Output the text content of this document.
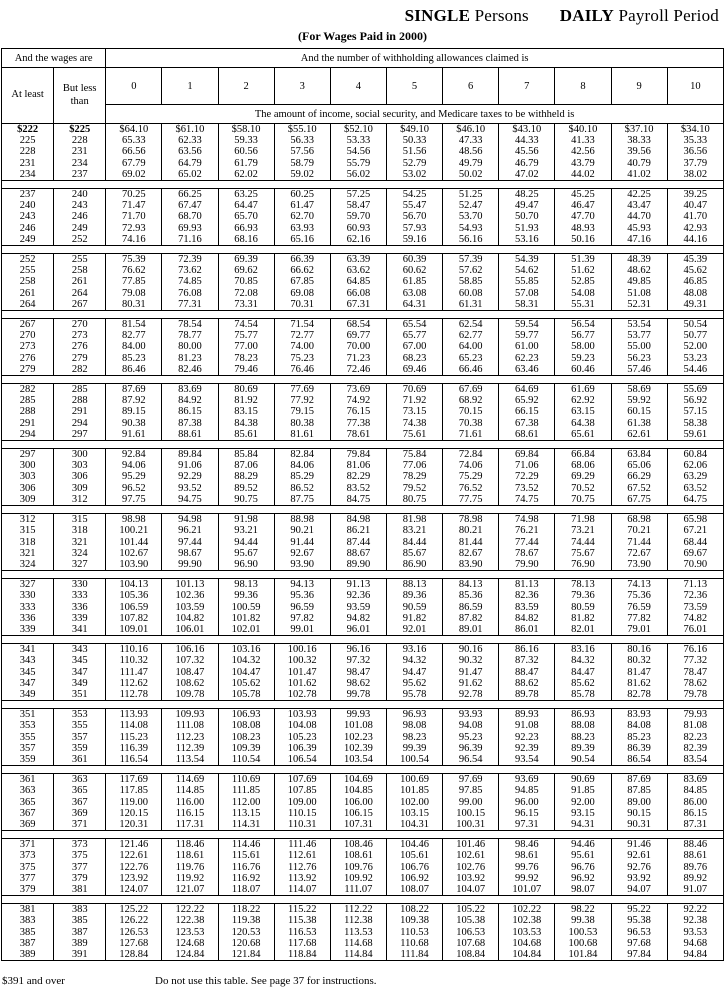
SINGLE Persons DAILY Payroll Period
(For Wages Paid in 2000)
And the wages are		And the number of withholding allowances claimed is										
At least	But less
than	0	1	2	3	4	5	6	7	8	9	10
		The amount of income, social security, and Medicare taxes to be withheld is										
$222	$225	$64.10	$61.10	$58.10	$55.10	$52.10	$49.10	$46.10	$43.10	$40.10	$37.10	$34.10
225	228	65.33	62.33	59.33	56.33	53.33	50.33	47.33	44.33	41.33	38.33	35.33
228	231	66.56	63.56	60.56	57.56	54.56	51.56	48.56	45.56	42.56	39.56	36.56
231	234	67.79	64.79	61.79	58.79	55.79	52.79	49.79	46.79	43.79	40.79	37.79
234	237	69.02	65.02	62.02	59.02	56.02	53.02	50.02	47.02	44.02	41.02	38.02

237	240	70.25	66.25	63.25	60.25	57.25	54.25	51.25	48.25	45.25	42.25	39.25
240	243	71.47	67.47	64.47	61.47	58.47	55.47	52.47	49.47	46.47	43.47	40.47
243	246	71.70	68.70	65.70	62.70	59.70	56.70	53.70	50.70	47.70	44.70	41.70
246	249	72.93	69.93	66.93	63.93	60.93	57.93	54.93	51.93	48.93	45.93	42.93
249	252	74.16	71.16	68.16	65.16	62.16	59.16	56.16	53.16	50.16	47.16	44.16

252	255	75.39	72.39	69.39	66.39	63.39	60.39	57.39	54.39	51.39	48.39	45.39
255	258	76.62	73.62	69.62	66.62	63.62	60.62	57.62	54.62	51.62	48.62	45.62
258	261	77.85	74.85	70.85	67.85	64.85	61.85	58.85	55.85	52.85	49.85	46.85
261	264	79.08	76.08	72.08	69.08	66.08	63.08	60.08	57.08	54.08	51.08	48.08
264	267	80.31	77.31	73.31	70.31	67.31	64.31	61.31	58.31	55.31	52.31	49.31

267	270	81.54	78.54	74.54	71.54	68.54	65.54	62.54	59.54	56.54	53.54	50.54
270	273	82.77	78.77	75.77	72.77	69.77	65.77	62.77	59.77	56.77	53.77	50.77
273	276	84.00	80.00	77.00	74.00	70.00	67.00	64.00	61.00	58.00	55.00	52.00
276	279	85.23	81.23	78.23	75.23	71.23	68.23	65.23	62.23	59.23	56.23	53.23
279	282	86.46	82.46	79.46	76.46	72.46	69.46	66.46	63.46	60.46	57.46	54.46

282	285	87.69	83.69	80.69	77.69	73.69	70.69	67.69	64.69	61.69	58.69	55.69
285	288	87.92	84.92	81.92	77.92	74.92	71.92	68.92	65.92	62.92	59.92	56.92
288	291	89.15	86.15	83.15	79.15	76.15	73.15	70.15	66.15	63.15	60.15	57.15
291	294	90.38	87.38	84.38	80.38	77.38	74.38	70.38	67.38	64.38	61.38	58.38
294	297	91.61	88.61	85.61	81.61	78.61	75.61	71.61	68.61	65.61	62.61	59.61

297	300	92.84	89.84	85.84	82.84	79.84	75.84	72.84	69.84	66.84	63.84	60.84
300	303	94.06	91.06	87.06	84.06	81.06	77.06	74.06	71.06	68.06	65.06	62.06
303	306	95.29	92.29	88.29	85.29	82.29	78.29	75.29	72.29	69.29	66.29	63.29
306	309	96.52	93.52	89.52	86.52	83.52	79.52	76.52	73.52	70.52	67.52	63.52
309	312	97.75	94.75	90.75	87.75	84.75	80.75	77.75	74.75	70.75	67.75	64.75

312	315	98.98	94.98	91.98	88.98	84.98	81.98	78.98	74.98	71.98	68.98	65.98
315	318	100.21	96.21	93.21	90.21	86.21	83.21	80.21	76.21	73.21	70.21	67.21
318	321	101.44	97.44	94.44	91.44	87.44	84.44	81.44	77.44	74.44	71.44	68.44
321	324	102.67	98.67	95.67	92.67	88.67	85.67	82.67	78.67	75.67	72.67	69.67
324	327	103.90	99.90	96.90	93.90	89.90	86.90	83.90	79.90	76.90	73.90	70.90

327	330	104.13	101.13	98.13	94.13	91.13	88.13	84.13	81.13	78.13	74.13	71.13
330	333	105.36	102.36	99.36	95.36	92.36	89.36	85.36	82.36	79.36	75.36	72.36
333	336	106.59	103.59	100.59	96.59	93.59	90.59	86.59	83.59	80.59	76.59	73.59
336	339	107.82	104.82	101.82	97.82	94.82	91.82	87.82	84.82	81.82	77.82	74.82
339	341	109.01	106.01	102.01	99.01	96.01	92.01	89.01	86.01	82.01	79.01	76.01

341	343	110.16	106.16	103.16	100.16	96.16	93.16	90.16	86.16	83.16	80.16	76.16
343	345	110.32	107.32	104.32	100.32	97.32	94.32	90.32	87.32	84.32	80.32	77.32
345	347	111.47	108.47	104.47	101.47	98.47	94.47	91.47	88.47	84.47	81.47	78.47
347	349	112.62	108.62	105.62	101.62	98.62	95.62	91.62	88.62	85.62	81.62	78.62
349	351	112.78	109.78	105.78	102.78	99.78	95.78	92.78	89.78	85.78	82.78	79.78

351	353	113.93	109.93	106.93	103.93	99.93	96.93	93.93	89.93	86.93	83.93	79.93
353	355	114.08	111.08	108.08	104.08	101.08	98.08	94.08	91.08	88.08	84.08	81.08
355	357	115.23	112.23	108.23	105.23	102.23	98.23	95.23	92.23	88.23	85.23	82.23
357	359	116.39	112.39	109.39	106.39	102.39	99.39	96.39	92.39	89.39	86.39	82.39
359	361	116.54	113.54	110.54	106.54	103.54	100.54	96.54	93.54	90.54	86.54	83.54

361	363	117.69	114.69	110.69	107.69	104.69	100.69	97.69	93.69	90.69	87.69	83.69
363	365	117.85	114.85	111.85	107.85	104.85	101.85	97.85	94.85	91.85	87.85	84.85
365	367	119.00	116.00	112.00	109.00	106.00	102.00	99.00	96.00	92.00	89.00	86.00
367	369	120.15	116.15	113.15	110.15	106.15	103.15	100.15	96.15	93.15	90.15	86.15
369	371	120.31	117.31	114.31	110.31	107.31	104.31	100.31	97.31	94.31	90.31	87.31

371	373	121.46	118.46	114.46	111.46	108.46	104.46	101.46	98.46	94.46	91.46	88.46
373	375	122.61	118.61	115.61	112.61	108.61	105.61	102.61	98.61	95.61	92.61	88.61
375	377	122.76	119.76	116.76	112.76	109.76	106.76	102.76	99.76	96.76	92.76	89.76
377	379	123.92	119.92	116.92	113.92	109.92	106.92	103.92	99.92	96.92	93.92	89.92
379	381	124.07	121.07	118.07	114.07	111.07	108.07	104.07	101.07	98.07	94.07	91.07

381	383	125.22	122.22	118.22	115.22	112.22	108.22	105.22	102.22	98.22	95.22	92.22
383	385	126.22	122.38	119.38	115.38	112.38	109.38	105.38	102.38	99.38	95.38	92.38
385	387	126.53	123.53	120.53	116.53	113.53	110.53	106.53	103.53	100.53	96.53	93.53
387	389	127.68	124.68	120.68	117.68	114.68	110.68	107.68	104.68	100.68	97.68	94.68
389	391	128.84	124.84	121.84	118.84	114.84	111.84	108.84	104.84	101.84	97.84	94.84
$391 and over	Do not use this table. See page 37 for instructions.
